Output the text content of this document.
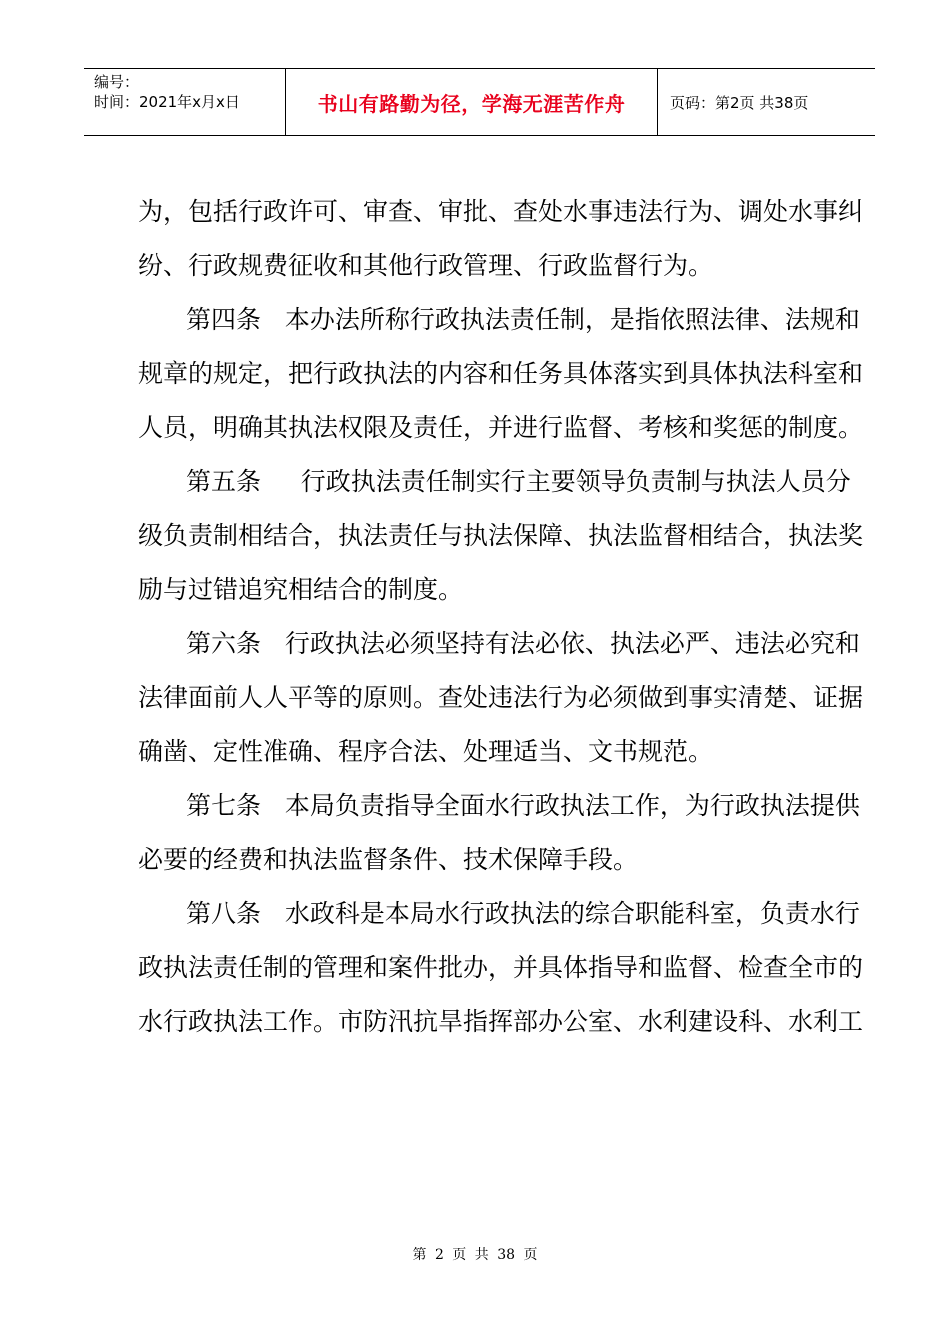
编号：
时间：2021年x月x日	书山有路勤为径，学海无涯苦作舟	页码：第2页 共38页
为，包括行政许可、审查、审批、查处水事违法行为、调处水事纠
纷、行政规费征收和其他行政管理、行政监督行为。
第四条   本办法所称行政执法责任制，是指依照法律、法规和
规章的规定，把行政执法的内容和任务具体落实到具体执法科室和
人员，明确其执法权限及责任，并进行监督、考核和奖惩的制度。
第五条     行政执法责任制实行主要领导负责制与执法人员分
级负责制相结合，执法责任与执法保障、执法监督相结合，执法奖
励与过错追究相结合的制度。
第六条   行政执法必须坚持有法必依、执法必严、违法必究和
法律面前人人平等的原则。查处违法行为必须做到事实清楚、证据
确凿、定性准确、程序合法、处理适当、文书规范。
第七条   本局负责指导全面水行政执法工作，为行政执法提供
必要的经费和执法监督条件、技术保障手段。
第八条   水政科是本局水行政执法的综合职能科室，负责水行
政执法责任制的管理和案件批办，并具体指导和监督、检查全市的
水行政执法工作。市防汛抗旱指挥部办公室、水利建设科、水利工
第 2 页 共 38 页
